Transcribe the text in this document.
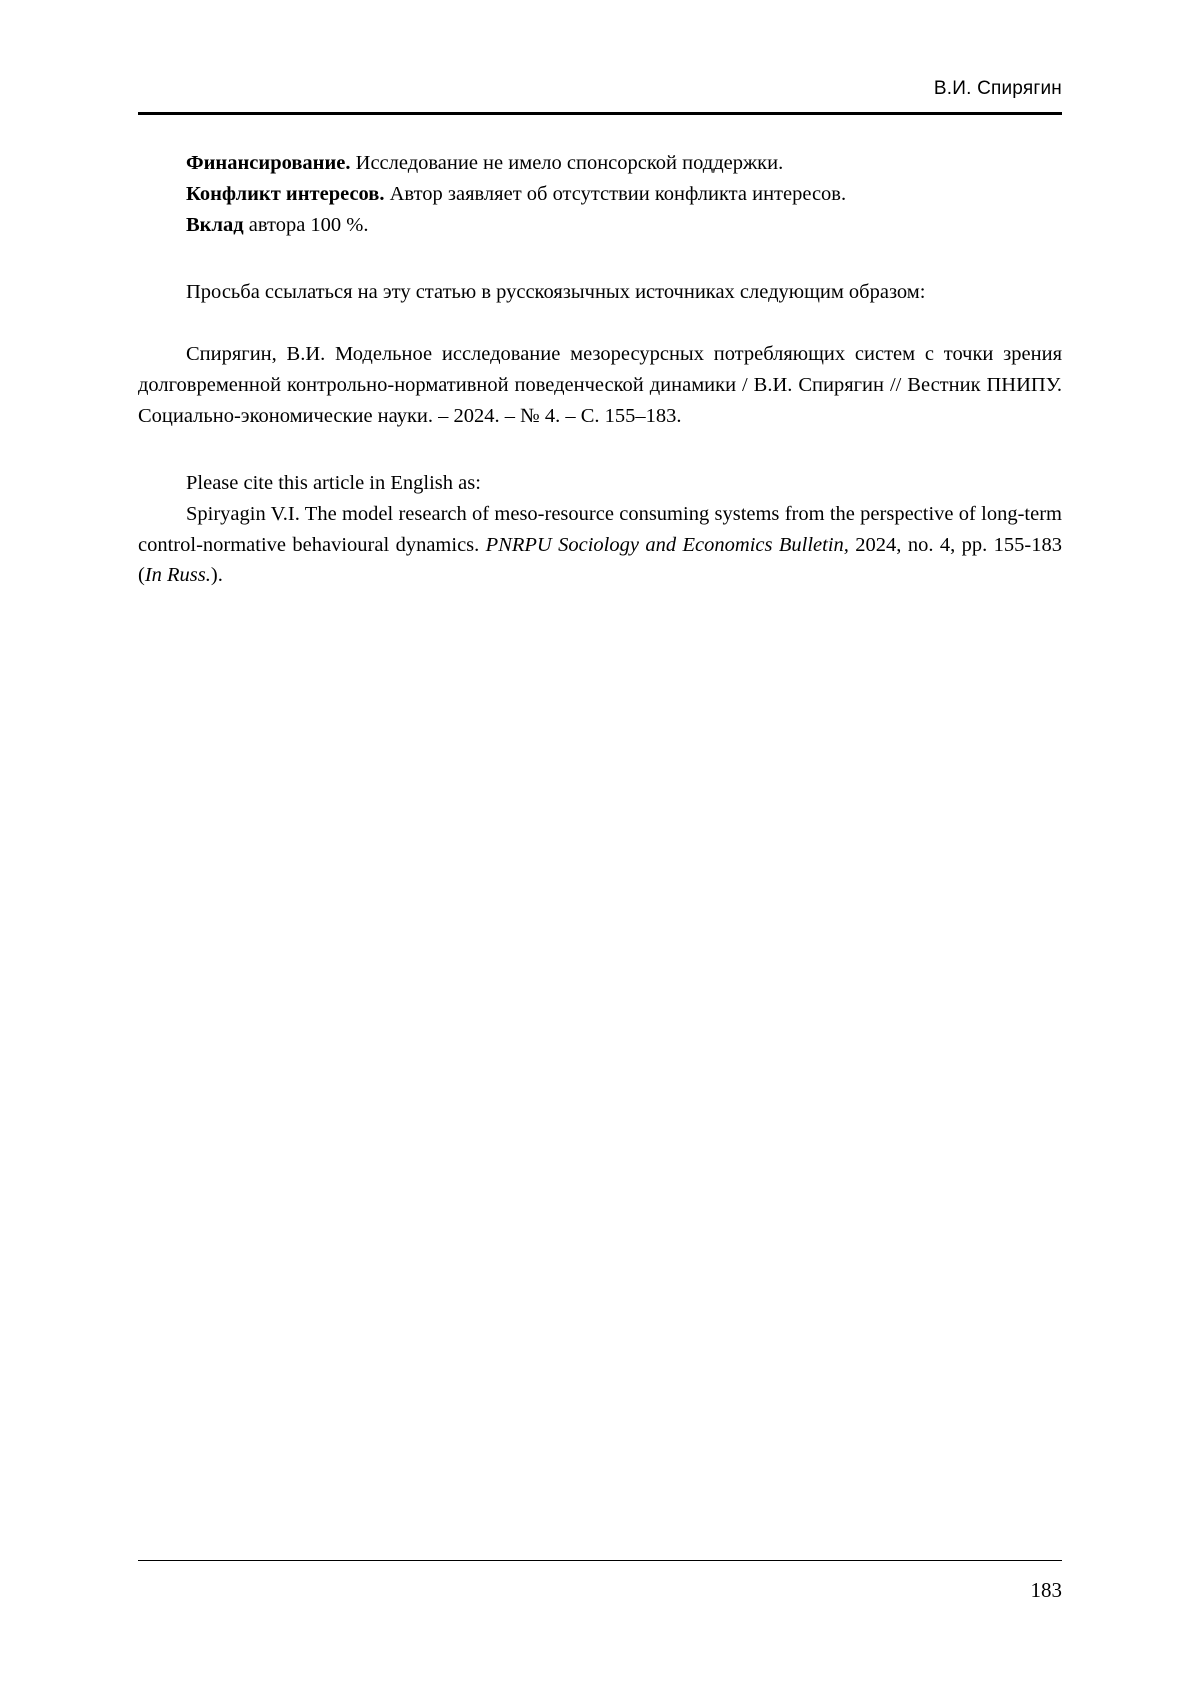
В.И. Спирягин

Финансирование. Исследование не имело спонсорской поддержки.

Конфликт интересов. Автор заявляет об отсутствии конфликта интересов.

Вклад автора 100 %.

Просьба ссылаться на эту статью в русскоязычных источниках следующим образом:

Спирягин, В.И. Модельное исследование мезоресурсных потребляющих систем с точки зрения долговременной контрольно-нормативной поведенческой динамики / В.И. Спирягин // Вестник ПНИПУ. Социально-экономические науки. – 2024. – № 4. – С. 155–183.

Please cite this article in English as:

Spiryagin V.I. The model research of meso-resource consuming systems from the perspective of long-term control-normative behavioural dynamics. PNRPU Sociology and Economics Bulletin, 2024, no. 4, pp. 155-183 (In Russ.).

183
